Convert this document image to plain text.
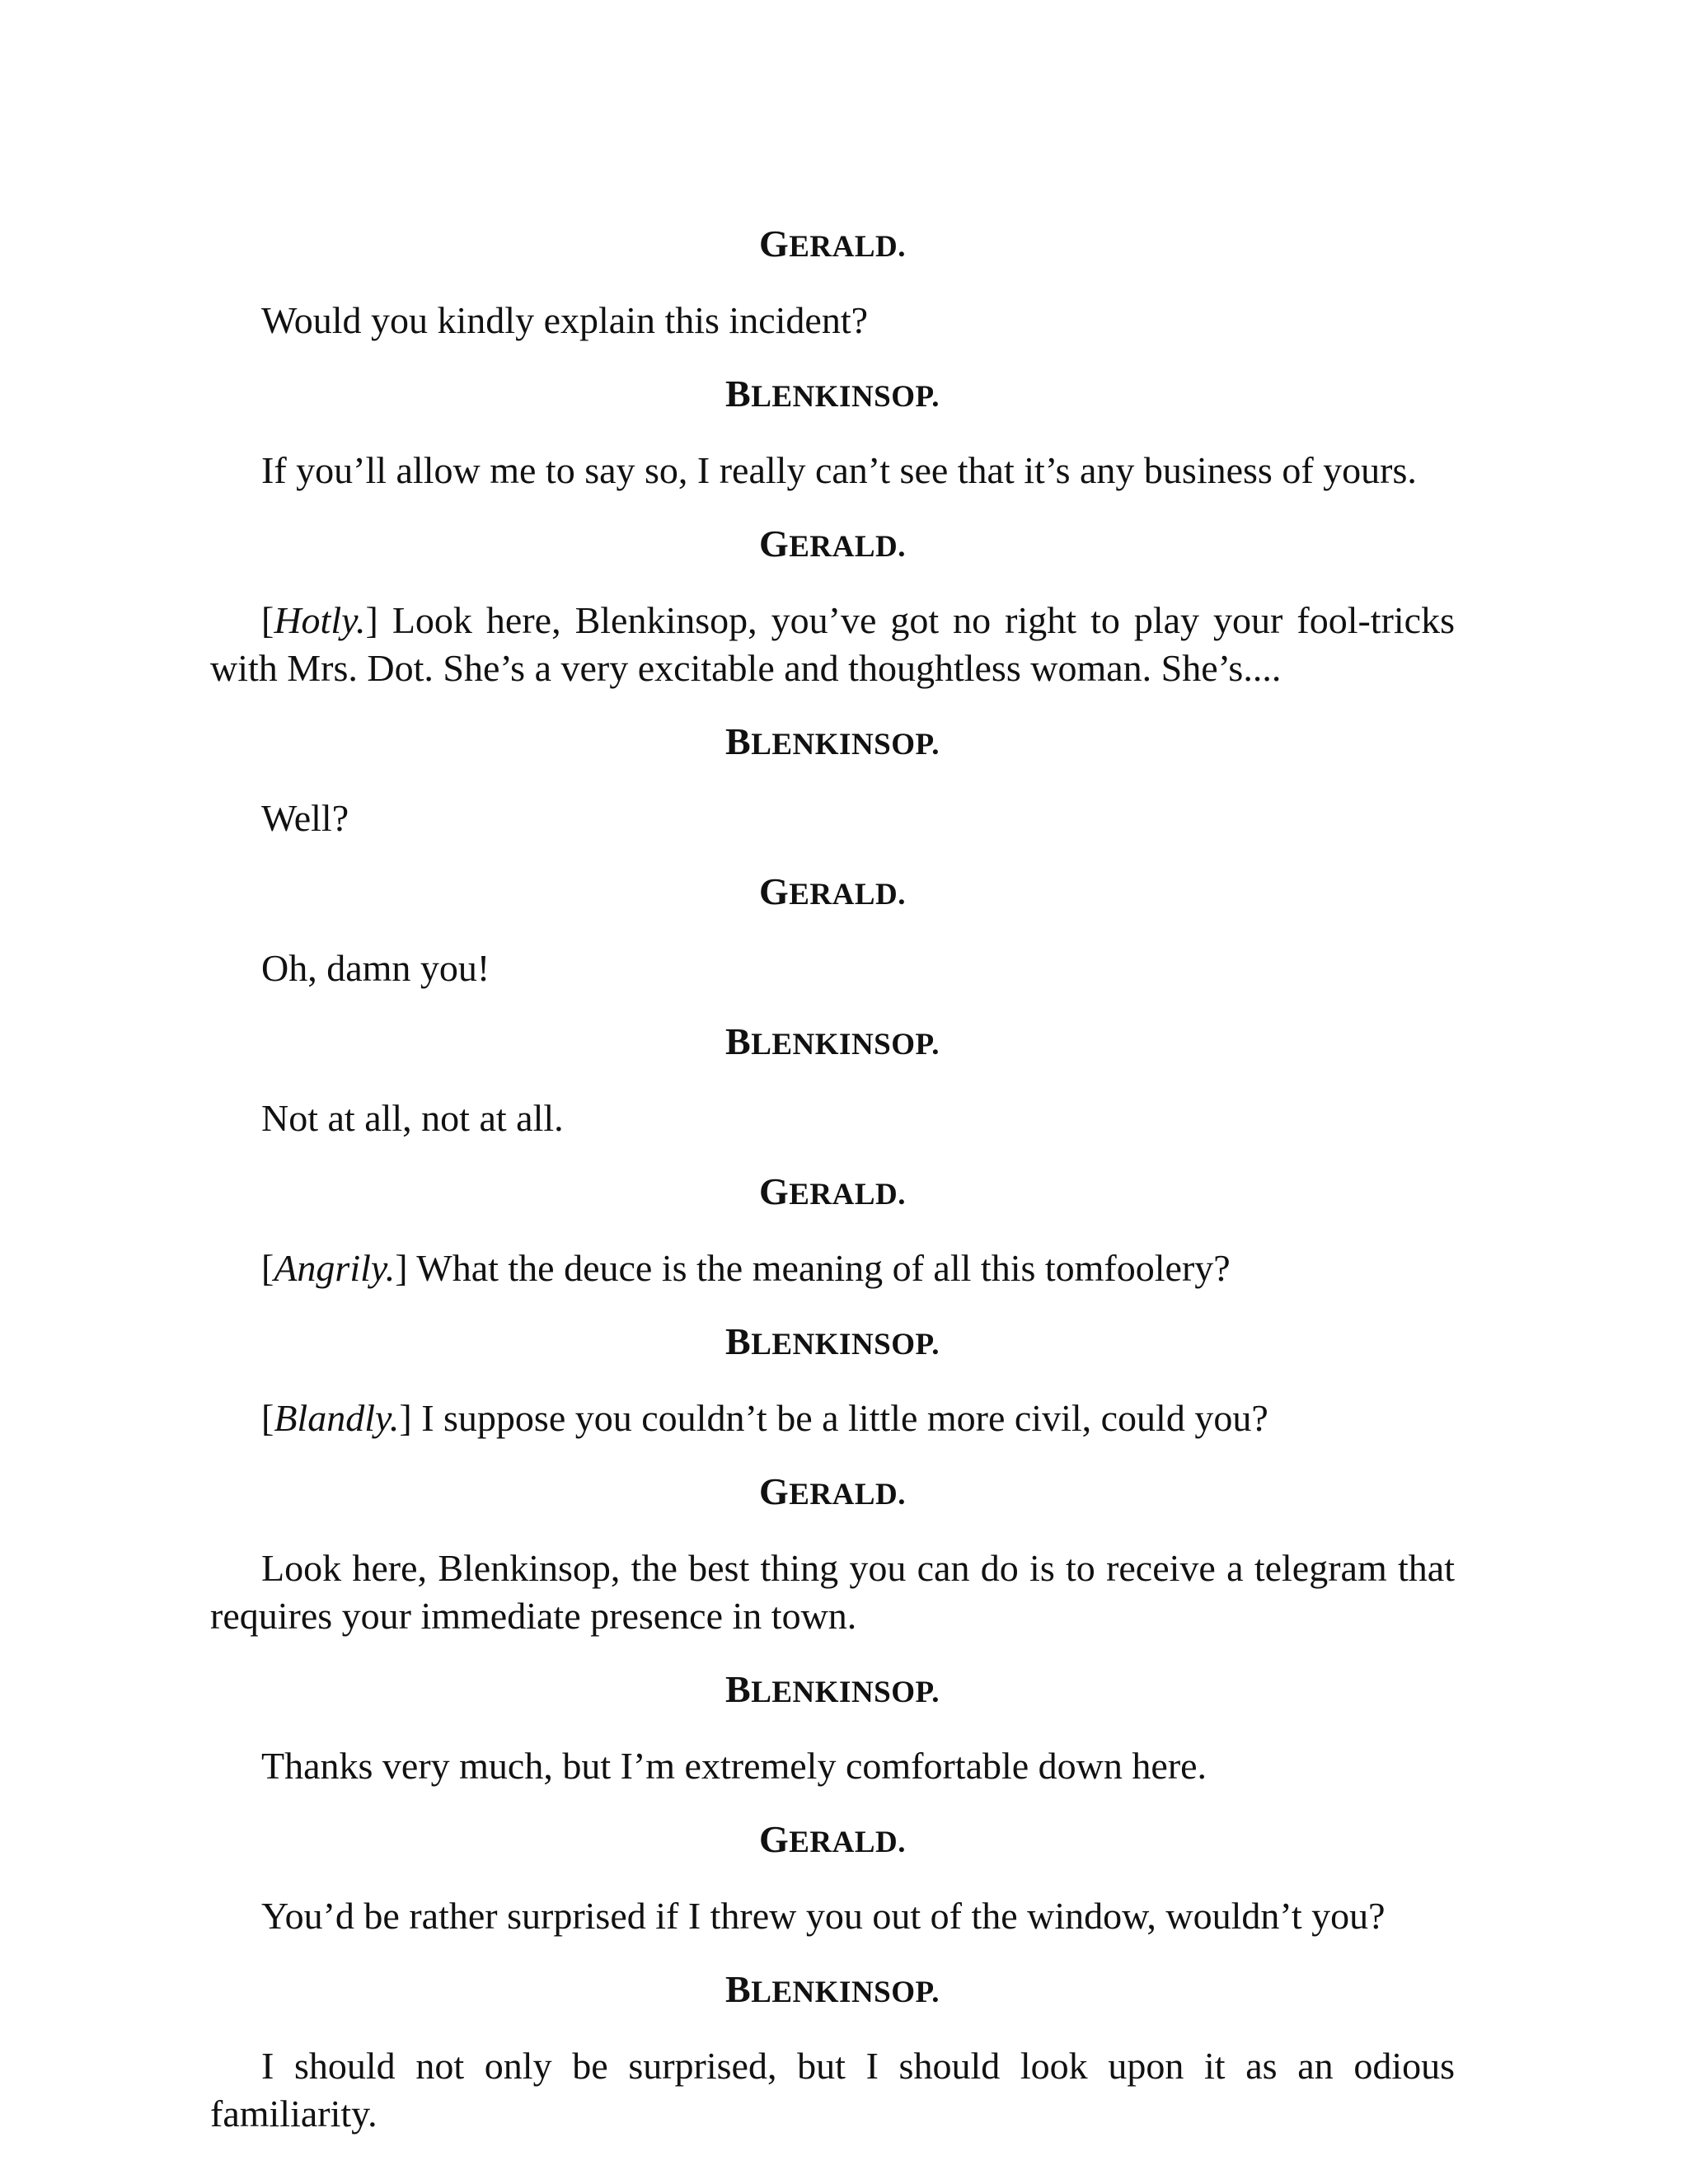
GERALD.

Would you kindly explain this incident?

BLENKINSOP.

If you’ll allow me to say so, I really can’t see that it’s any business of yours.

GERALD.

[Hotly.] Look here, Blenkinsop, you’ve got no right to play your fool-tricks with Mrs. Dot. She’s a very excitable and thoughtless woman. She’s....

BLENKINSOP.

Well?

GERALD.

Oh, damn you!

BLENKINSOP.

Not at all, not at all.

GERALD.

[Angrily.] What the deuce is the meaning of all this tomfoolery?

BLENKINSOP.

[Blandly.] I suppose you couldn’t be a little more civil, could you?

GERALD.

Look here, Blenkinsop, the best thing you can do is to receive a telegram that requires your immediate presence in town.

BLENKINSOP.

Thanks very much, but I’m extremely comfortable down here.

GERALD.

You’d be rather surprised if I threw you out of the window, wouldn’t you?

BLENKINSOP.

I should not only be surprised, but I should look upon it as an odious familiarity.
